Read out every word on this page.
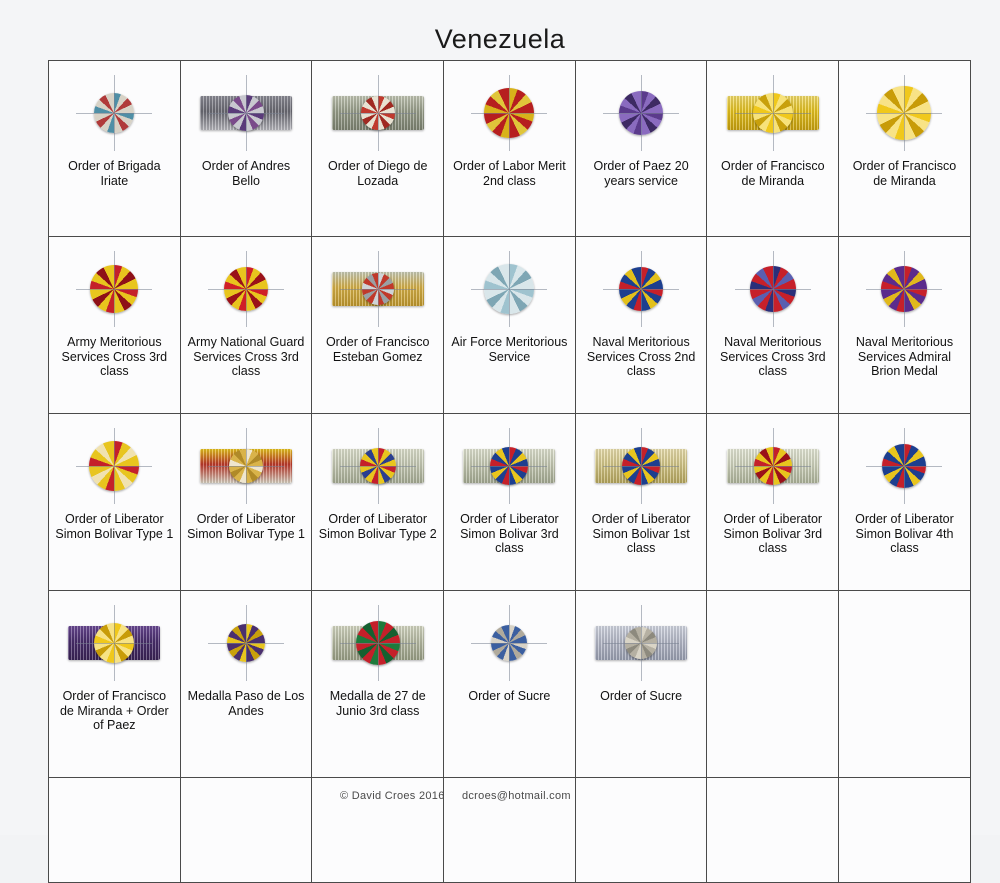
Venezuela
Order of Brigada Iriate	Order of Andres Bello	Order of Diego de Lozada	Order of Labor Merit 2nd class	Order of Paez 20 years service	Order of Francisco de Miranda	Order of Francisco de Miranda

Army Meritorious Services Cross 3rd class	Army National Guard Services Cross 3rd class	Order of Francisco Esteban Gomez	Air Force Meritorious Service	Naval Meritorious Services Cross 2nd class	Naval Meritorious Services Cross 3rd class	Naval Meritorious Services Admiral Brion Medal

Order of Liberator Simon Bolivar Type 1	Order of Liberator Simon Bolivar Type 1	Order of Liberator Simon Bolivar Type 2	Order of Liberator Simon Bolivar 3rd class	Order of Liberator Simon Bolivar 1st class	Order of Liberator Simon Bolivar 3rd class	Order of Liberator Simon Bolivar 4th class

Order of Francisco de Miranda + Order of Paez	Medalla Paso de Los Andes	Medalla de 27 de Junio 3rd class	Order of Sucre	Order of Sucre		

© David Croes 2016 dcroes@hotmail.com
